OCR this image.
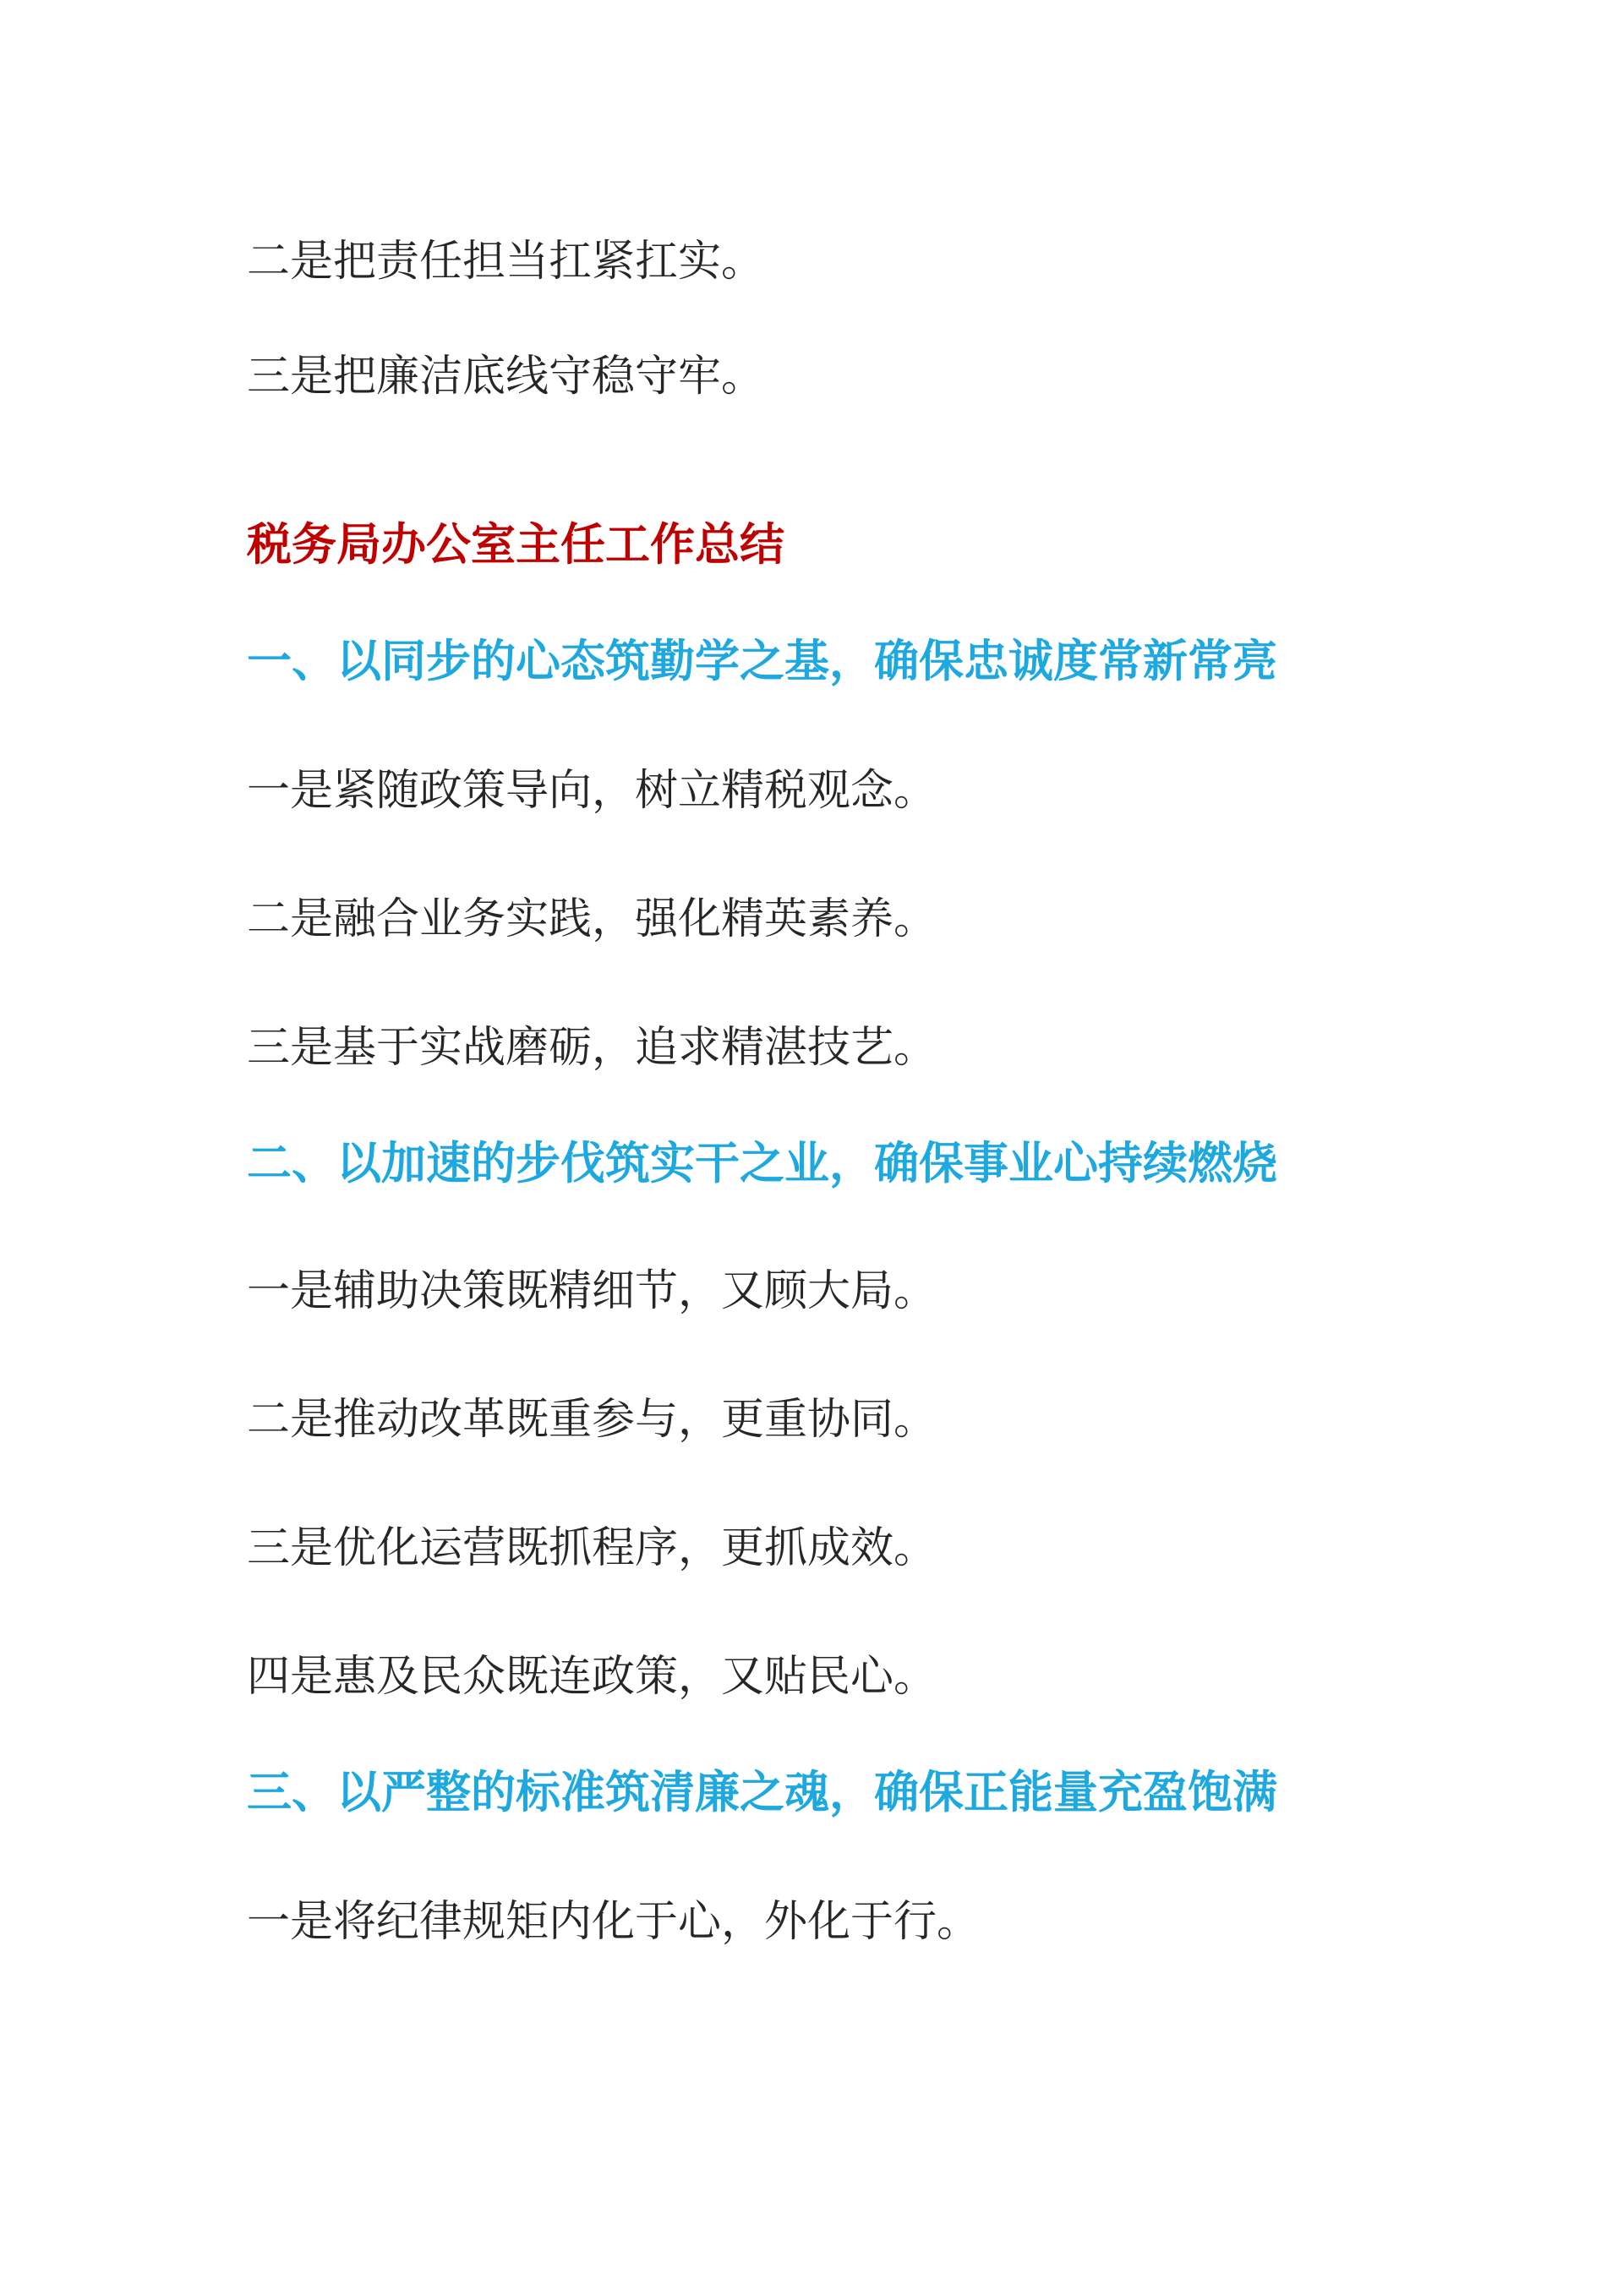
二是把责任担当扛紧扛实。

三是把廉洁底线守稳守牢。

税务局办公室主任工作总结
一、以同步的心态筑勤学之基，确保忠诚度常新常亮

一是紧随政策导向，树立精税观念。

二是融合业务实践，强化精英素养。

三是基于实战磨砺，追求精湛技艺。

二、以加速的步伐筑实干之业，确保事业心持续燃烧

一是辅助决策既精细节，又顾大局。

二是推动改革既重参与，更重协同。

三是优化运营既抓程序，更抓成效。

四是惠及民众既连政策，又贴民心。

三、以严整的标准筑清廉之魂，确保正能量充盈饱满

一是将纪律规矩内化于心，外化于行。
